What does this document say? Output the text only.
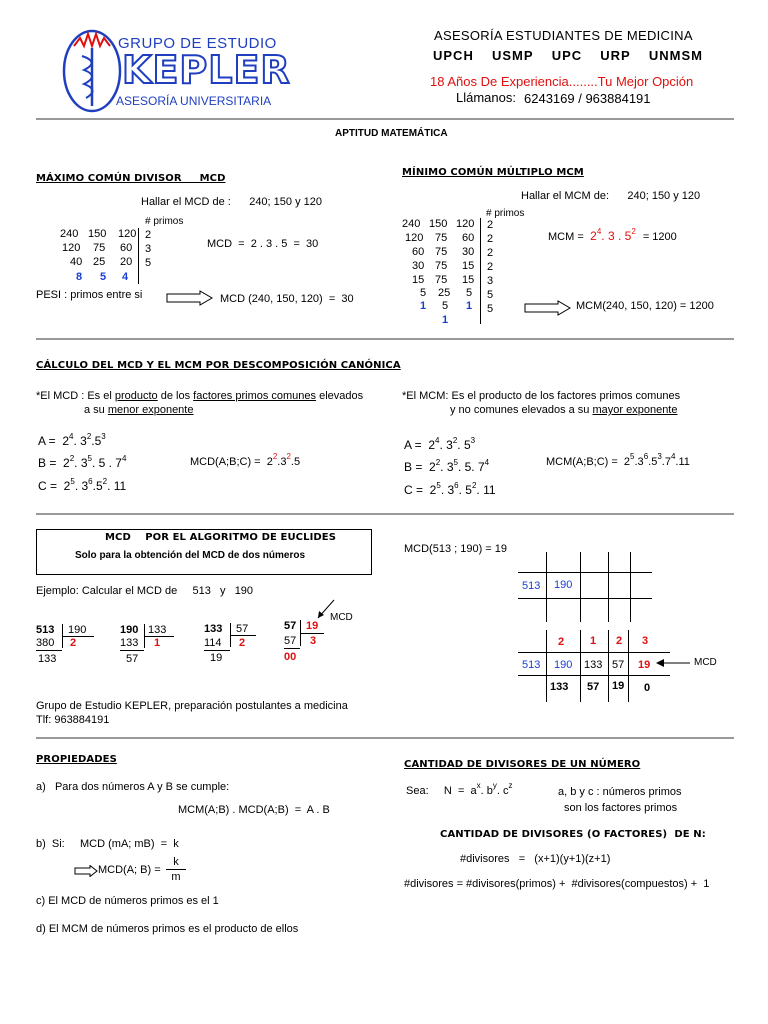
GRUPO DE ESTUDIO
KEPLER
ASESORÍA UNIVERSITARIA
ASESORÍA ESTUDIANTES DE MEDICINA
UPCH USMP UPC URP UNMSM
18 Años De Experiencia........Tu Mejor Opción
Llámanos: 6243169 / 963884191
APTITUD MATEMÁTICA
MÁXIMO COMÚN DIVISOR     MCD
Hallar el MCD de :      240; 150 y 120
# primos
240 150 120
120 75 60
40 25 20
8 5 4
2
3
5
MCD  =  2 . 3 . 5  =  30
PESI : primos entre si	MCD (240, 150, 120)  =  30
MÍNIMO COMÚN MÚLTIPLO MCM
Hallar el MCM de:      240; 150 y 120
# primos
240 150 120
120 75 60
60 75 30
30 75 15
15 75 15
5 25 5
1 5 1
1
2
2
2
2
3
5
5
MCM =  $2^4$. 3 . $5^2 = 1200$
MCM(240, 150, 120) = 1200
CÁLCULO DEL MCD Y EL MCM POR DESCOMPOSICIÓN CANÓNICA
*El MCD : Es el producto de los factores primos comunes elevados
a su menor exponente
*El MCM: Es el producto de los factores primos comunes
y no comunes elevados a su mayor exponente
$A = 2^4$. $3^2.5^3$
$B = 2^2$. $3^5$. 5 . $7^4$
$C = 2^5$. $3^6.5^2$. 11
MCD(A;B;C) =  $2^2.3^2.5$
$A = 2^4$. $3^2$. $5^3$
$B = 2^2$. $3^5$. 5. $7^4$
$C = 2^5$. $3^6$. $5^2$. 11
MCM(A;B;C) =  $2^5.3^6.5^3.7^4.11$
MCD    POR EL ALGORITMO DE EUCLIDES
Solo para la obtención del MCD de dos números
MCD(513 ; 190) = 19
Ejemplo: Calcular el MCD de     513   y   190
513 190
380 2
133
190 133
133 1
57
133 57
114 2
19
57 19
57 3
00
MCD
513 190
2 1 2 3
513 190 133 57 19
133 57 19 0
MCD
Grupo de Estudio KEPLER, preparación postulantes a medicina
Tlf: 963884191
PROPIEDADES
a)   Para dos números A y B se cumple:
MCM(A;B) . MCD(A;B)  =  A . B
b)  Si:     MCD (mA; mB)  =  k
MCD(A; B) =
k
m
c) El MCD de números primos es el 1
d) El MCM de números primos es el producto de ellos
CANTIDAD DE DIVISORES DE UN NÚMERO
Sea:     $N = a^x$. $b^y$. $c^z$
a, b y c : números primos
son los factores primos
CANTIDAD DE DIVISORES (O FACTORES)  DE N:
#divisores   =   (x+1)(y+1)(z+1)
#divisores = #divisores(primos) +  #divisores(compuestos) +  1
